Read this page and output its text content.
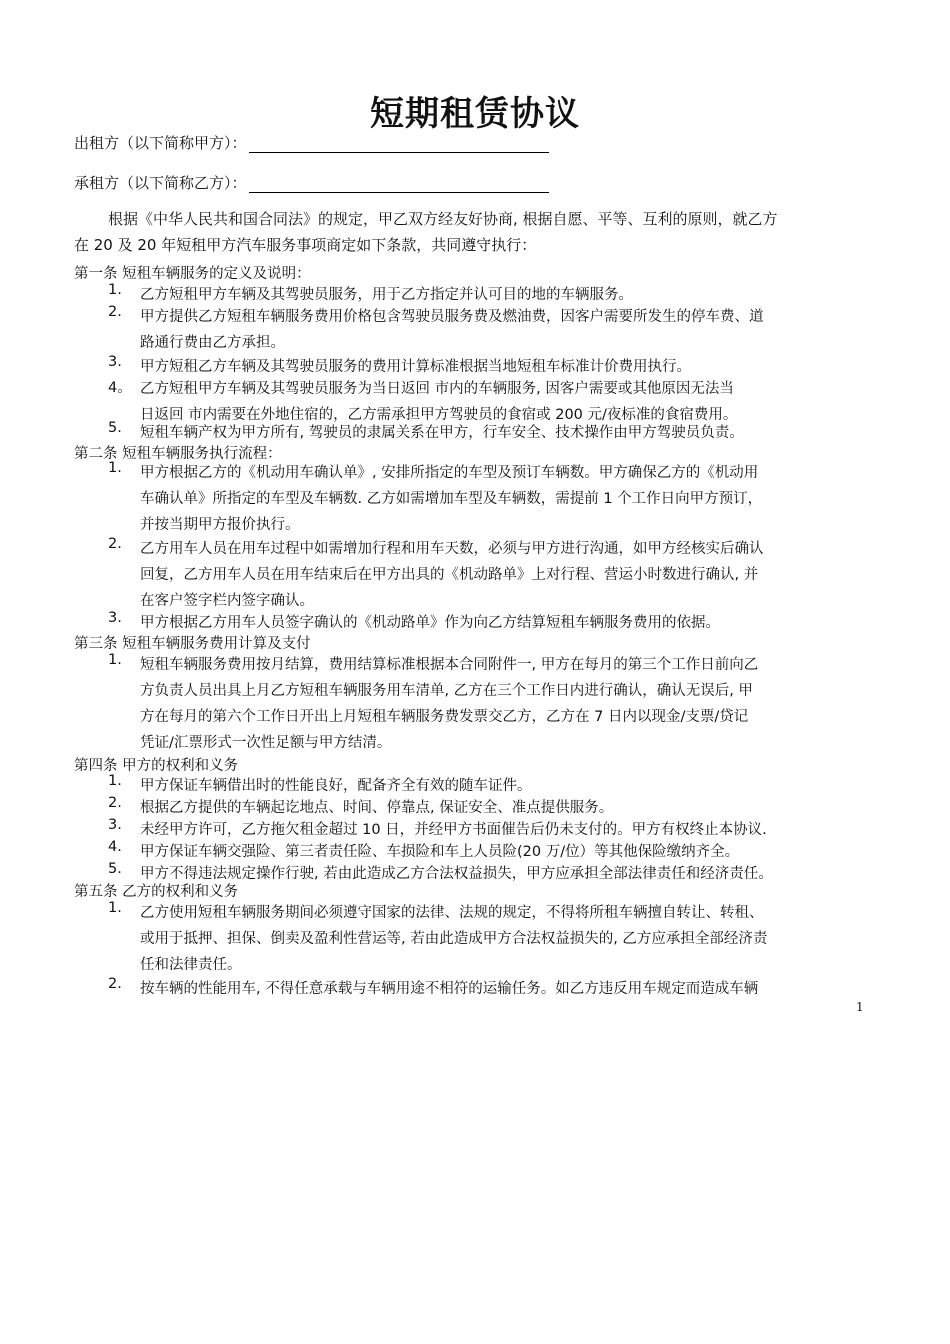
短期租赁协议
出租方（以下简称甲方）：
承租方（以下简称乙方）：
根据《中华人民共和国合同法》的规定，甲乙双方经友好协商, 根据自愿、平等、互利的原则，就乙方
在 20 及 20 年短租甲方汽车服务事项商定如下条款，共同遵守执行：
第一条 短租车辆服务的定义及说明：
1.	乙方短租甲方车辆及其驾驶员服务，用于乙方指定并认可目的地的车辆服务。
2.	甲方提供乙方短租车辆服务费用价格包含驾驶员服务费及燃油费，因客户需要所发生的停车费、道
路通行费由乙方承担。
3.	甲方短租乙方车辆及其驾驶员服务的费用计算标准根据当地短租车标准计价费用执行。
4。 乙方短租甲方车辆及其驾驶员服务为当日返回 市内的车辆服务, 因客户需要或其他原因无法当
日返回 市内需要在外地住宿的，乙方需承担甲方驾驶员的食宿或 200 元/夜标准的食宿费用。
5.	短租车辆产权为甲方所有, 驾驶员的隶属关系在甲方，行车安全、技术操作由甲方驾驶员负责。
第二条 短租车辆服务执行流程：
1.	甲方根据乙方的《机动用车确认单》, 安排所指定的车型及预订车辆数。甲方确保乙方的《机动用
车确认单》所指定的车型及车辆数. 乙方如需增加车型及车辆数，需提前 1 个工作日向甲方预订，
并按当期甲方报价执行。
2.	乙方用车人员在用车过程中如需增加行程和用车天数，必须与甲方进行沟通，如甲方经核实后确认
回复，乙方用车人员在用车结束后在甲方出具的《机动路单》上对行程、营运小时数进行确认, 并
在客户签字栏内签字确认。
3.	甲方根据乙方用车人员签字确认的《机动路单》作为向乙方结算短租车辆服务费用的依据。
第三条 短租车辆服务费用计算及支付
1.	短租车辆服务费用按月结算，费用结算标准根据本合同附件一, 甲方在每月的第三个工作日前向乙
方负责人员出具上月乙方短租车辆服务用车清单, 乙方在三个工作日内进行确认，确认无误后, 甲
方在每月的第六个工作日开出上月短租车辆服务费发票交乙方，乙方在 7 日内以现金/支票/贷记
凭证/汇票形式一次性足额与甲方结清。
第四条 甲方的权利和义务
1.	甲方保证车辆借出时的性能良好，配备齐全有效的随车证件。
2.	根据乙方提供的车辆起讫地点、时间、停靠点, 保证安全、准点提供服务。
3.	未经甲方许可，乙方拖欠租金超过 10 日，并经甲方书面催告后仍未支付的。甲方有权终止本协议.
4.	甲方保证车辆交强险、第三者责任险、车损险和车上人员险(20 万/位）等其他保险缴纳齐全。
5.	甲方不得违法规定操作行驶, 若由此造成乙方合法权益损失，甲方应承担全部法律责任和经济责任。
第五条 乙方的权利和义务
1.	乙方使用短租车辆服务期间必须遵守国家的法律、法规的规定，不得将所租车辆擅自转让、转租、
或用于抵押、担保、倒卖及盈利性营运等, 若由此造成甲方合法权益损失的, 乙方应承担全部经济责
任和法律责任。
2.	按车辆的性能用车, 不得任意承载与车辆用途不相符的运输任务。如乙方违反用车规定而造成车辆
1
